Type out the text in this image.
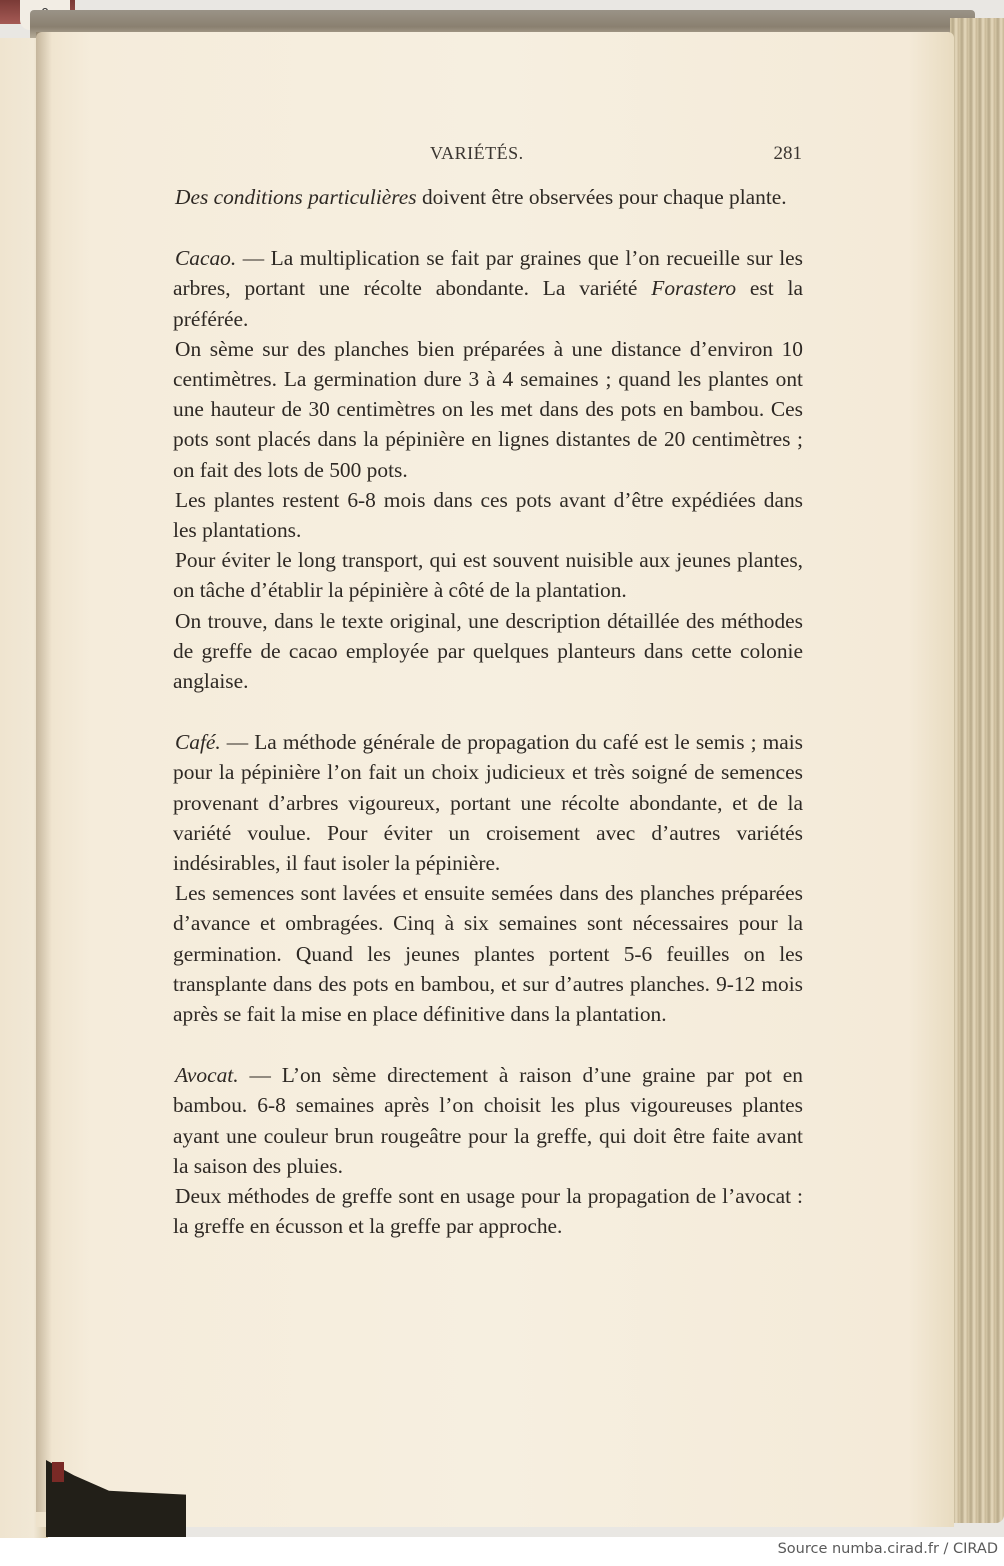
VARIÉTÉS.	281

Des conditions particulières doivent être observées pour chaque plante.

Cacao. — La multiplication se fait par graines que l’on recueille sur les arbres, portant une récolte abondante. La variété Forastero est la préférée.

On sème sur des planches bien préparées à une distance d’environ 10 centimètres. La germination dure 3 à 4 semaines ; quand les plantes ont une hauteur de 30 centimètres on les met dans des pots en bambou. Ces pots sont placés dans la pépinière en lignes distantes de 20 centimètres ; on fait des lots de 500 pots.

Les plantes restent 6-8 mois dans ces pots avant d’être expédiées dans les plantations.

Pour éviter le long transport, qui est souvent nuisible aux jeunes plantes, on tâche d’établir la pépinière à côté de la plantation.

On trouve, dans le texte original, une description détaillée des méthodes de greffe de cacao employée par quelques planteurs dans cette colonie anglaise.

Café. — La méthode générale de propagation du café est le semis ; mais pour la pépinière l’on fait un choix judicieux et très soigné de semences provenant d’arbres vigoureux, portant une récolte abondante, et de la variété voulue. Pour éviter un croisement avec d’autres variétés indésirables, il faut isoler la pépinière.

Les semences sont lavées et ensuite semées dans des planches préparées d’avance et ombragées. Cinq à six semaines sont nécessaires pour la germination. Quand les jeunes plantes portent 5-6 feuilles on les transplante dans des pots en bambou, et sur d’autres planches. 9-12 mois après se fait la mise en place définitive dans la plantation.

Avocat. — L’on sème directement à raison d’une graine par pot en bambou. 6-8 semaines après l’on choisit les plus vigoureuses plantes ayant une couleur brun rougeâtre pour la greffe, qui doit être faite avant la saison des pluies.

Deux méthodes de greffe sont en usage pour la propagation de l’avocat : la greffe en écusson et la greffe par approche.

Source numba.cirad.fr / CIRAD
